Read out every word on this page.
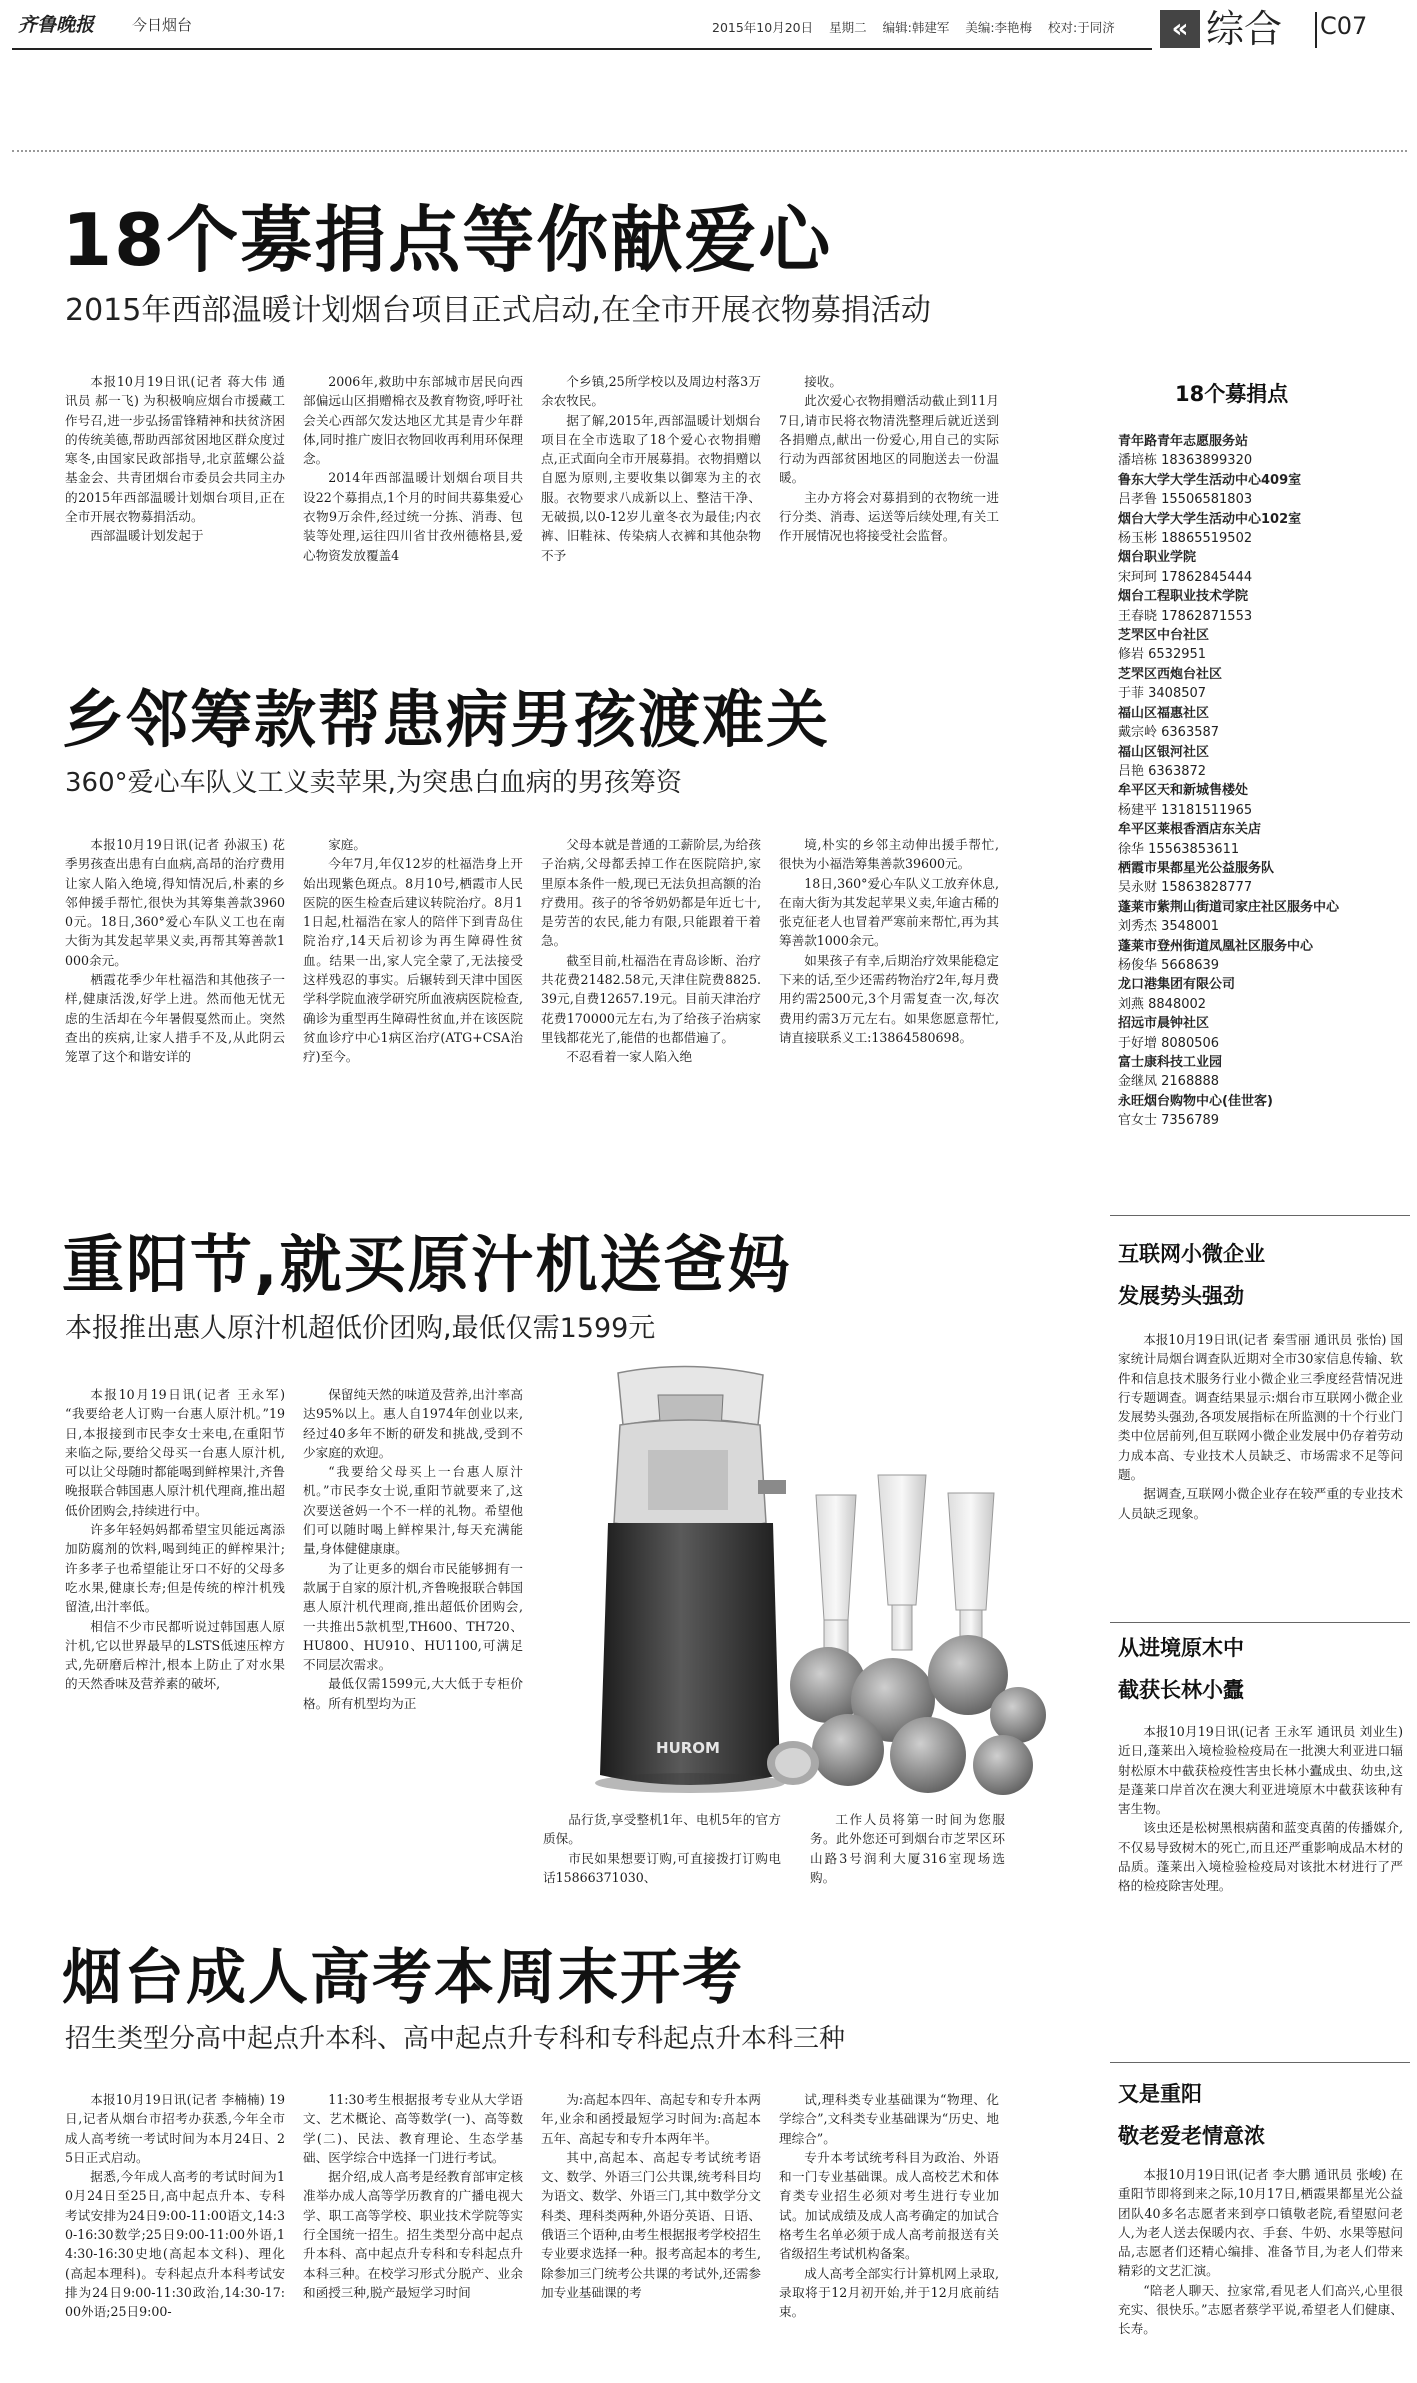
齐鲁晚报	今日烟台	2015年10月20日 星期二 编辑:韩建军 美编:李艳梅 校对:于同济	« 综合 C07
18个募捐点等你献爱心
2015年西部温暖计划烟台项目正式启动,在全市开展衣物募捐活动

本报10月19日讯(记者 蒋大伟 通讯员 郝一飞) 为积极响应烟台市援藏工作号召,进一步弘扬雷锋精神和扶贫济困的传统美德,帮助西部贫困地区群众度过寒冬,由国家民政部指导,北京蓝螺公益基金会、共青团烟台市委员会共同主办的2015年西部温暖计划烟台项目,正在全市开展衣物募捐活动。

西部温暖计划发起于

2006年,救助中东部城市居民向西部偏远山区捐赠棉衣及教育物资,呼吁社会关心西部欠发达地区尤其是青少年群体,同时推广废旧衣物回收再利用环保理念。

2014年西部温暖计划烟台项目共设22个募捐点,1个月的时间共募集爱心衣物9万余件,经过统一分拣、消毒、包装等处理,运往四川省甘孜州德格县,爱心物资发放覆盖4

个乡镇,25所学校以及周边村落3万余农牧民。

据了解,2015年,西部温暖计划烟台项目在全市选取了18个爱心衣物捐赠点,正式面向全市开展募捐。衣物捐赠以自愿为原则,主要收集以御寒为主的衣服。衣物要求八成新以上、整洁干净、无破损,以0-12岁儿童冬衣为最佳;内衣裤、旧鞋袜、传染病人衣裤和其他杂物不予

接收。

此次爱心衣物捐赠活动截止到11月7日,请市民将衣物清洗整理后就近送到各捐赠点,献出一份爱心,用自己的实际行动为西部贫困地区的同胞送去一份温暖。

主办方将会对募捐到的衣物统一进行分类、消毒、运送等后续处理,有关工作开展情况也将接受社会监督。

乡邻筹款帮患病男孩渡难关
360°爱心车队义工义卖苹果,为突患白血病的男孩筹资

本报10月19日讯(记者 孙淑玉) 花季男孩查出患有白血病,高昂的治疗费用让家人陷入绝境,得知情况后,朴素的乡邻伸援手帮忙,很快为其筹集善款39600元。18日,360°爱心车队义工也在南大街为其发起苹果义卖,再帮其筹善款1000余元。

栖霞花季少年杜福浩和其他孩子一样,健康活泼,好学上进。然而他无忧无虑的生活却在今年暑假戛然而止。突然查出的疾病,让家人措手不及,从此阴云笼罩了这个和谐安详的

家庭。

今年7月,年仅12岁的杜福浩身上开始出现紫色斑点。8月10号,栖霞市人民医院的医生检查后建议转院治疗。8月11日起,杜福浩在家人的陪伴下到青岛住院治疗,14天后初诊为再生障碍性贫血。结果一出,家人完全蒙了,无法接受这样残忍的事实。后辗转到天津中国医学科学院血液学研究所血液病医院检查,确诊为重型再生障碍性贫血,并在该医院贫血诊疗中心1病区治疗(ATG+CSA治疗)至今。

父母本就是普通的工薪阶层,为给孩子治病,父母都丢掉工作在医院陪护,家里原本条件一般,现已无法负担高额的治疗费用。孩子的爷爷奶奶都是年近七十,是劳苦的农民,能力有限,只能跟着干着急。

截至目前,杜福浩在青岛诊断、治疗共花费21482.58元,天津住院费8825.39元,自费12657.19元。目前天津治疗花费170000元左右,为了给孩子治病家里钱都花光了,能借的也都借遍了。

不忍看着一家人陷入绝

境,朴实的乡邻主动伸出援手帮忙,很快为小福浩筹集善款39600元。

18日,360°爱心车队义工放弃休息,在南大街为其发起苹果义卖,年逾古稀的张克征老人也冒着严寒前来帮忙,再为其筹善款1000余元。

如果孩子有幸,后期治疗效果能稳定下来的话,至少还需药物治疗2年,每月费用约需2500元,3个月需复查一次,每次费用约需3万元左右。如果您愿意帮忙,请直接联系义工:13864580698。

重阳节,就买原汁机送爸妈
本报推出惠人原汁机超低价团购,最低仅需1599元

本报10月19日讯(记者 王永军) “我要给老人订购一台惠人原汁机。”19日,本报接到市民李女士来电,在重阳节来临之际,要给父母买一台惠人原汁机,可以让父母随时都能喝到鲜榨果汁,齐鲁晚报联合韩国惠人原汁机代理商,推出超低价团购会,持续进行中。

许多年轻妈妈都希望宝贝能远离添加防腐剂的饮料,喝到纯正的鲜榨果汁;许多孝子也希望能让牙口不好的父母多吃水果,健康长寿;但是传统的榨汁机残留渣,出汁率低。

相信不少市民都听说过韩国惠人原汁机,它以世界最早的LSTS低速压榨方式,先研磨后榨汁,根本上防止了对水果的天然香味及营养素的破坏,

保留纯天然的味道及营养,出汁率高达95%以上。惠人自1974年创业以来,经过40多年不断的研发和挑战,受到不少家庭的欢迎。

“我要给父母买上一台惠人原汁机。”市民李女士说,重阳节就要来了,这次要送爸妈一个不一样的礼物。希望他们可以随时喝上鲜榨果汁,每天充满能量,身体健健康康。

为了让更多的烟台市民能够拥有一款属于自家的原汁机,齐鲁晚报联合韩国惠人原汁机代理商,推出超低价团购会,一共推出5款机型,TH600、TH720、HU800、HU910、HU1100,可满足不同层次需求。

最低仅需1599元,大大低于专柜价格。所有机型均为正

品行货,享受整机1年、电机5年的官方质保。

市民如果想要订购,可直接拨打订购电话15866371030、

工作人员将第一时间为您服务。此外您还可到烟台市芝罘区环山路3号润利大厦316室现场选购。

HUROM
烟台成人高考本周末开考
招生类型分高中起点升本科、高中起点升专科和专科起点升本科三种

本报10月19日讯(记者 李楠楠) 19日,记者从烟台市招考办获悉,今年全市成人高考统一考试时间为本月24日、25日正式启动。

据悉,今年成人高考的考试时间为10月24日至25日,高中起点升本、专科考试安排为24日9:00-11:00语文,14:30-16:30数学;25日9:00-11:00外语,14:30-16:30史地(高起本文科)、理化(高起本理科)。专科起点升本科考试安排为24日9:00-11:30政治,14:30-17:00外语;25日9:00-

11:30考生根据报考专业从大学语文、艺术概论、高等数学(一)、高等数学(二)、民法、教育理论、生态学基础、医学综合中选择一门进行考试。

据介绍,成人高考是经教育部审定核准举办成人高等学历教育的广播电视大学、职工高等学校、职业技术学院等实行全国统一招生。招生类型分高中起点升本科、高中起点升专科和专科起点升本科三种。在校学习形式分脱产、业余和函授三种,脱产最短学习时间

为:高起本四年、高起专和专升本两年,业余和函授最短学习时间为:高起本五年、高起专和专升本两年半。

其中,高起本、高起专考试统考语文、数学、外语三门公共课,统考科目均为语文、数学、外语三门,其中数学分文科类、理科类两种,外语分英语、日语、俄语三个语种,由考生根据报考学校招生专业要求选择一种。报考高起本的考生,除参加三门统考公共课的考试外,还需参加专业基础课的考

试,理科类专业基础课为“物理、化学综合”,文科类专业基础课为“历史、地理综合”。

专升本考试统考科目为政治、外语和一门专业基础课。成人高校艺术和体育类专业招生必须对考生进行专业加试。加试成绩及成人高考确定的加试合格考生名单必须于成人高考前报送有关省级招生考试机构备案。

成人高考全部实行计算机网上录取,录取将于12月初开始,并于12月底前结束。

18个募捐点
青年路青年志愿服务站
潘培栋 18363899320
鲁东大学大学生活动中心409室
吕孝鲁 15506581803
烟台大学大学生活动中心102室
杨玉彬 18865519502
烟台职业学院
宋珂珂 17862845444
烟台工程职业技术学院
王春晓 17862871553
芝罘区中台社区
修岩 6532951
芝罘区西炮台社区
于菲 3408507
福山区福惠社区
戴宗岭 6363587
福山区银河社区
吕艳 6363872
牟平区天和新城售楼处
杨建平 13181511965
牟平区莱根香酒店东关店
徐华 15563853611
栖霞市果都星光公益服务队
吴永财 15863828777
蓬莱市紫荆山街道司家庄社区服务中心
刘秀杰 3548001
蓬莱市登州街道凤凰社区服务中心
杨俊华 5668639
龙口港集团有限公司
刘燕 8848002
招远市晨钟社区
于好增 8080506
富士康科技工业园
金继凤 2168888
永旺烟台购物中心(佳世客)
官女士 7356789
互联网小微企业
发展势头强劲

本报10月19日讯(记者 秦雪丽 通讯员 张怡) 国家统计局烟台调查队近期对全市30家信息传输、软件和信息技术服务行业小微企业三季度经营情况进行专题调查。调查结果显示:烟台市互联网小微企业发展势头强劲,各项发展指标在所监测的十个行业门类中位居前列,但互联网小微企业发展中仍存着劳动力成本高、专业技术人员缺乏、市场需求不足等问题。

据调查,互联网小微企业存在较严重的专业技术人员缺乏现象。

从进境原木中
截获长林小蠹

本报10月19日讯(记者 王永军 通讯员 刘业生) 近日,蓬莱出入境检验检疫局在一批澳大利亚进口辐射松原木中截获检疫性害虫长林小蠹成虫、幼虫,这是蓬莱口岸首次在澳大利亚进境原木中截获该种有害生物。

该虫还是松树黑根病菌和蓝变真菌的传播媒介,不仅易导致树木的死亡,而且还严重影响成品木材的品质。蓬莱出入境检验检疫局对该批木材进行了严格的检疫除害处理。

又是重阳
敬老爱老情意浓

本报10月19日讯(记者 李大鹏 通讯员 张峻) 在重阳节即将到来之际,10月17日,栖霞果都星光公益团队40多名志愿者来到亭口镇敬老院,看望慰问老人,为老人送去保暖内衣、手套、牛奶、水果等慰问品,志愿者们还精心编排、准备节目,为老人们带来精彩的文艺汇演。

“陪老人聊天、拉家常,看见老人们高兴,心里很充实、很快乐。”志愿者蔡学平说,希望老人们健康、长寿。
